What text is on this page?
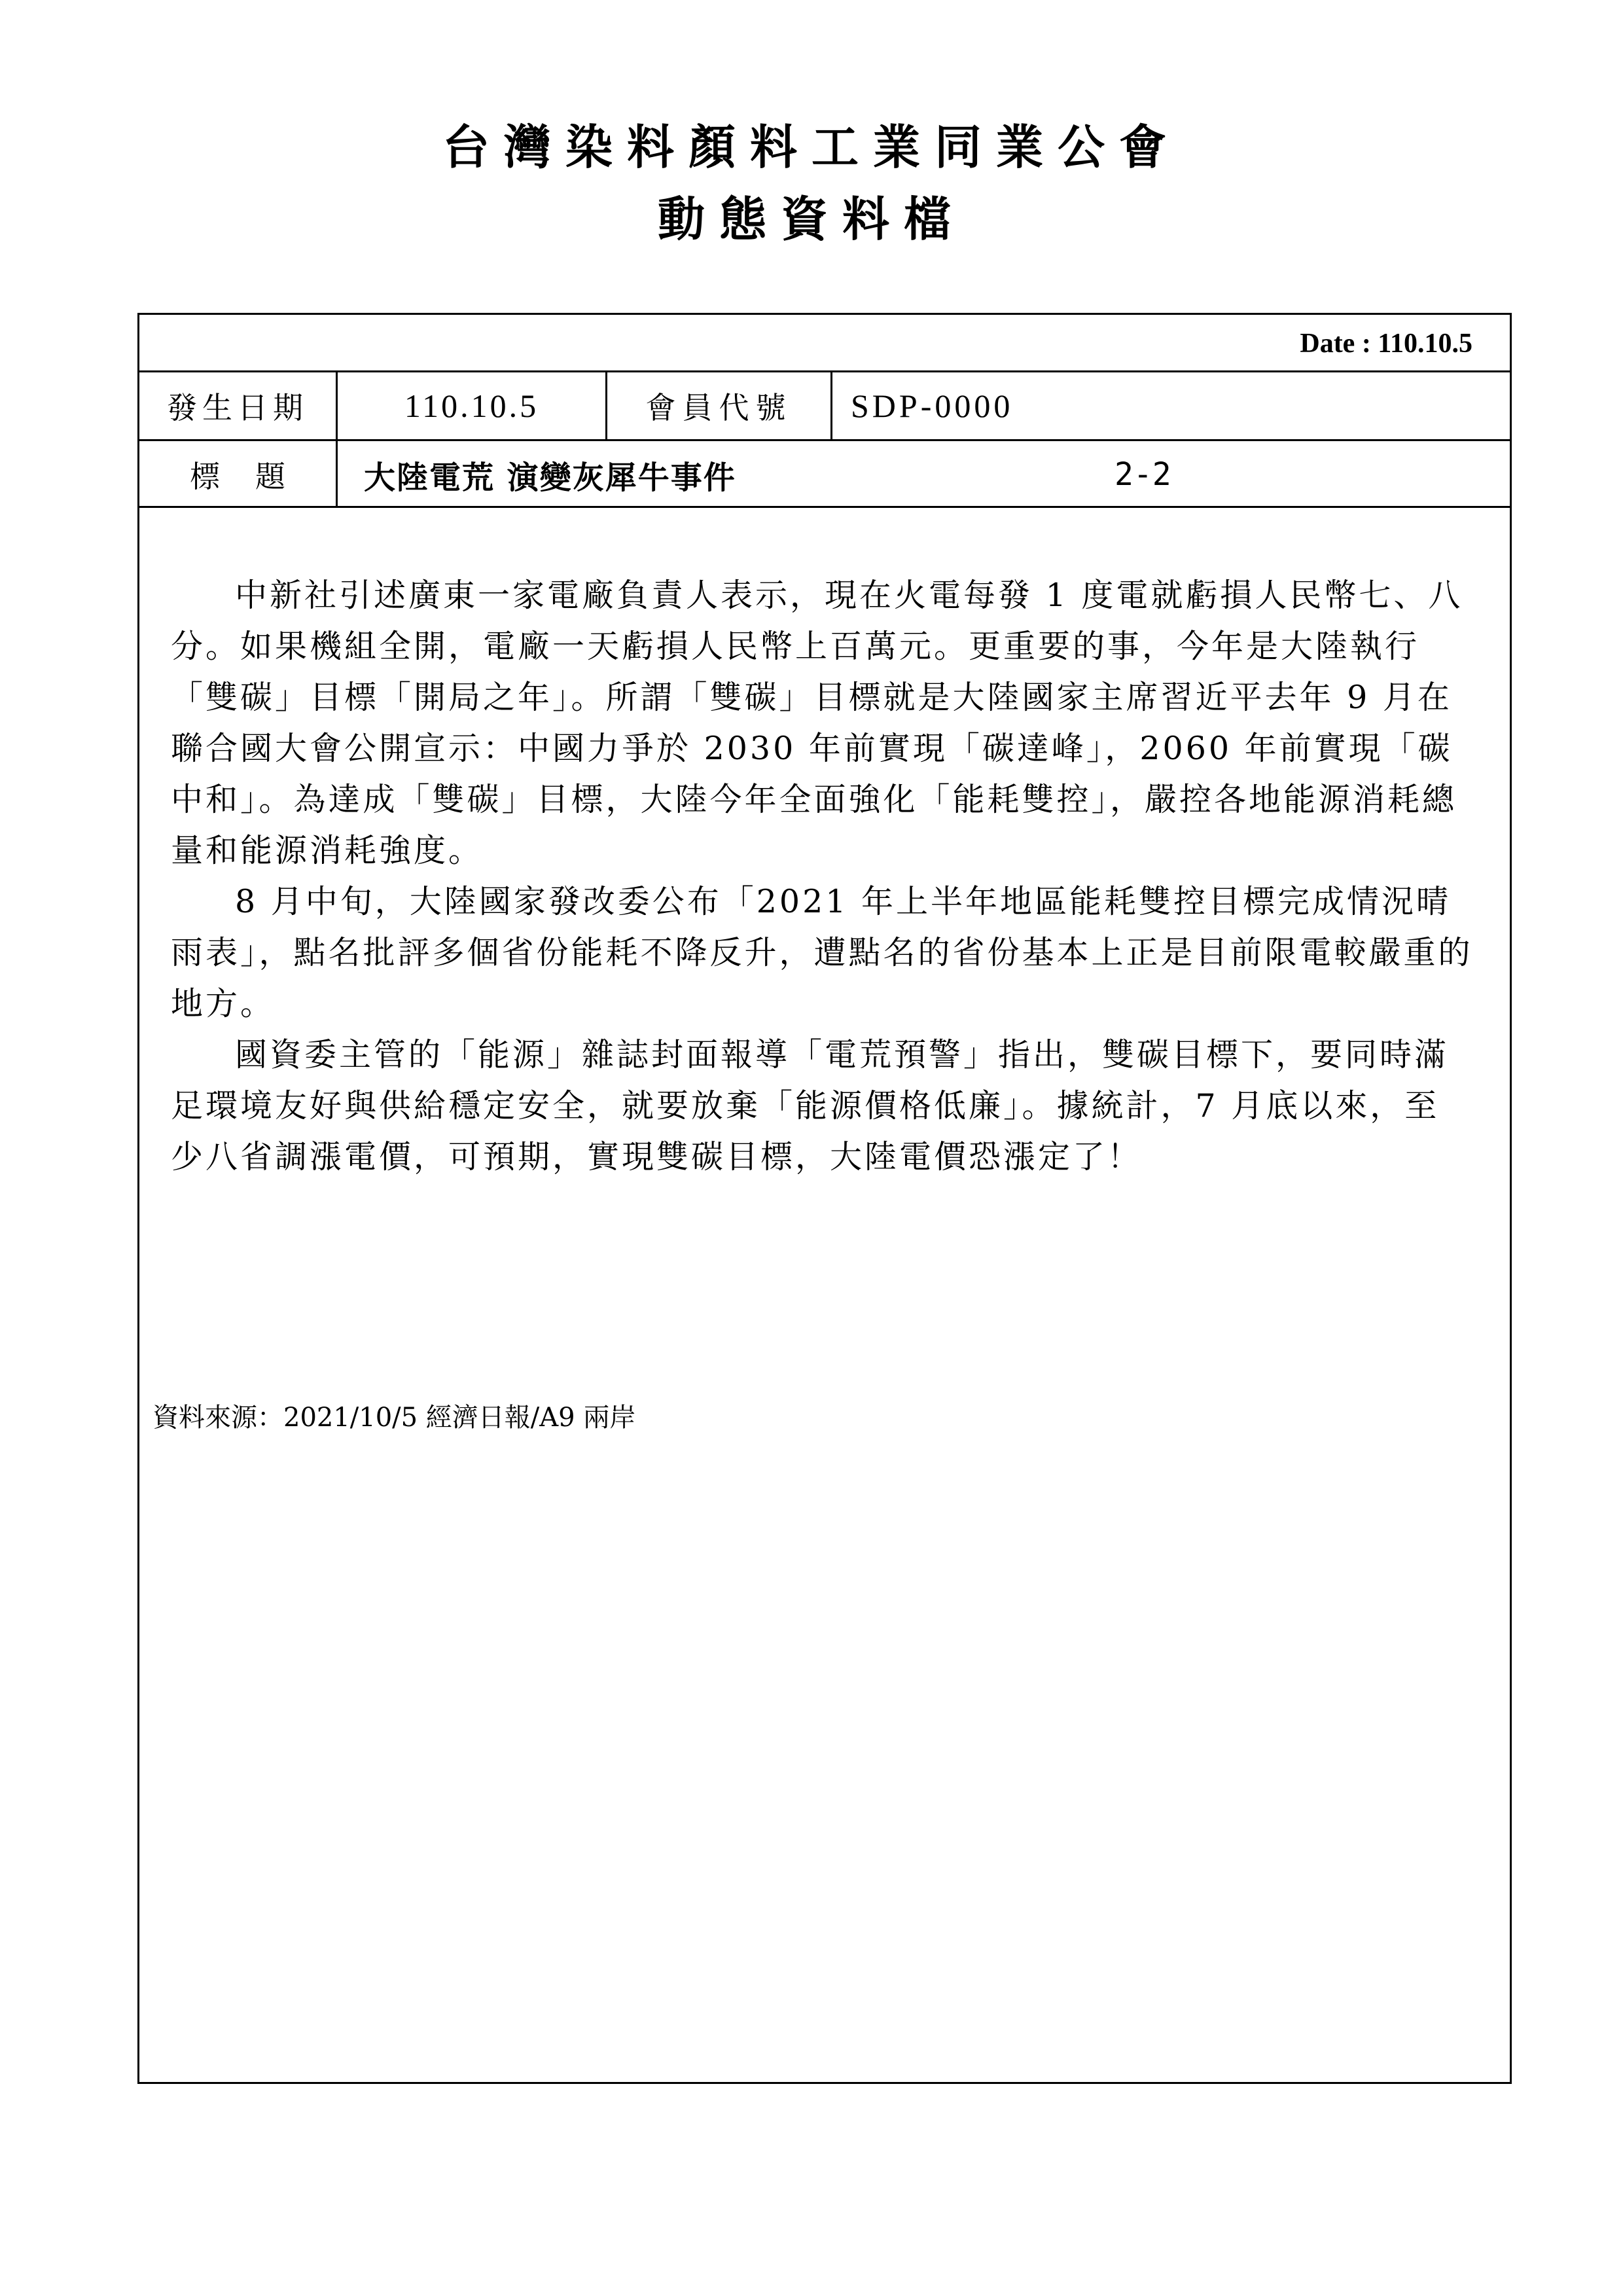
台灣染料顏料工業同業公會
動態資料檔
Date : 110.10.5
發生日期	110.10.5	會員代號	SDP-0000
標	題	大陸電荒 演變灰犀牛事件	2-2

中新社引述廣東一家電廠負責人表示，現在火電每發 1 度電就虧損人民幣七、八分。如果機組全開，電廠一天虧損人民幣上百萬元。更重要的事，今年是大陸執行「雙碳」目標「開局之年」。所謂「雙碳」目標就是大陸國家主席習近平去年 9 月在聯合國大會公開宣示：中國力爭於 2030 年前實現「碳達峰」，2060 年前實現「碳中和」。為達成「雙碳」目標，大陸今年全面強化「能耗雙控」，嚴控各地能源消耗總量和能源消耗強度。

8 月中旬，大陸國家發改委公布「2021 年上半年地區能耗雙控目標完成情況晴雨表」，點名批評多個省份能耗不降反升，遭點名的省份基本上正是目前限電較嚴重的地方。

國資委主管的「能源」雜誌封面報導「電荒預警」指出，雙碳目標下，要同時滿足環境友好與供給穩定安全，就要放棄「能源價格低廉」。據統計，7 月底以來，至少八省調漲電價，可預期，實現雙碳目標，大陸電價恐漲定了！

資料來源：2021/10/5 經濟日報/A9 兩岸
